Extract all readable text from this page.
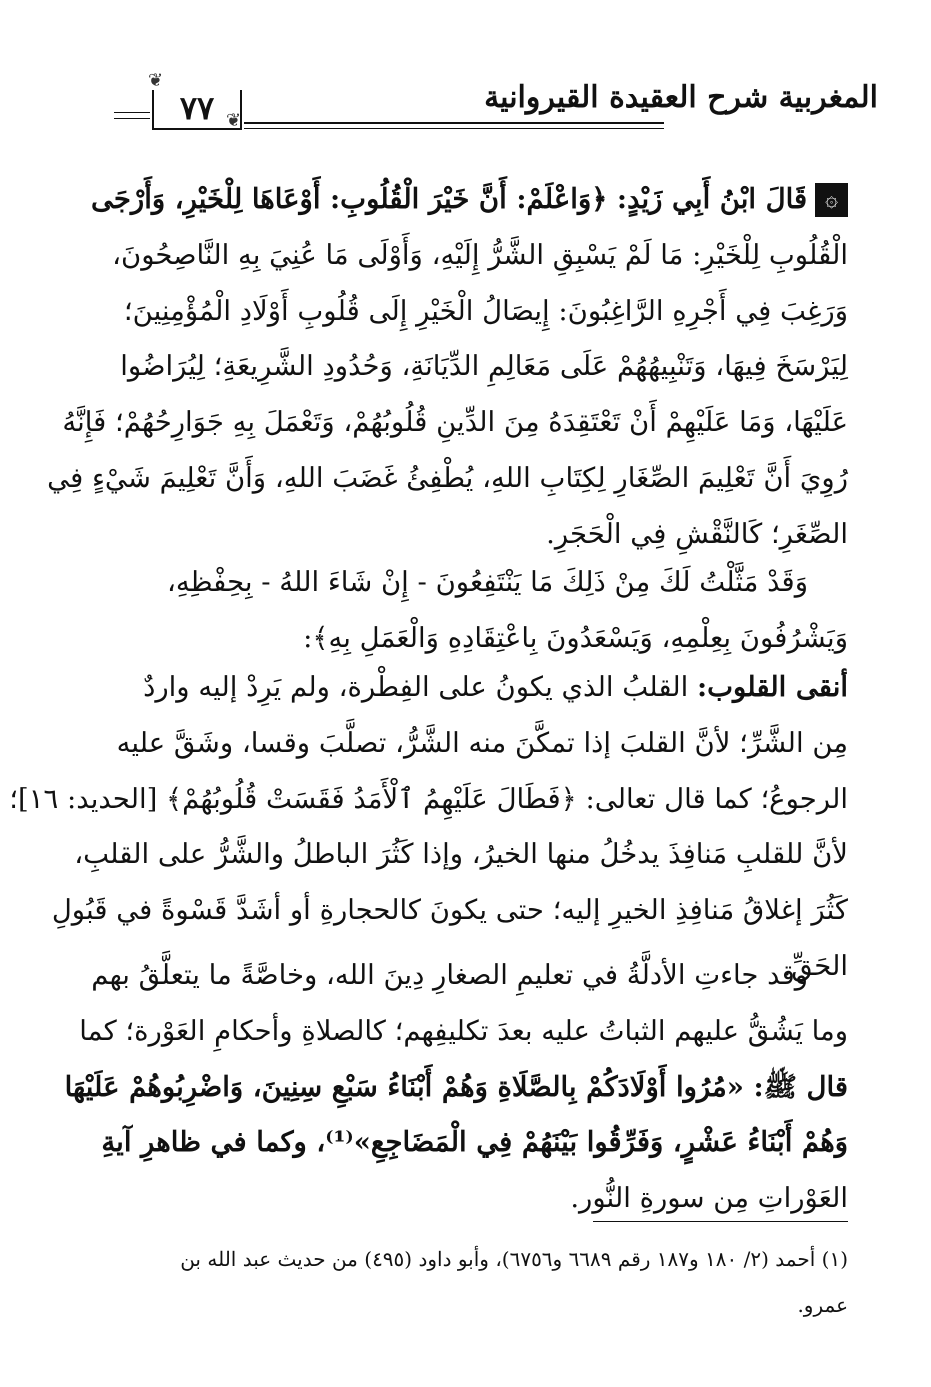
المغربية شرح العقيدة القيروانية
❦
❦
٧٧
۞قَالَ ابْنُ أَبِي زَيْدٍ: ﴿وَاعْلَمْ: أَنَّ خَيْرَ الْقُلُوبِ: أَوْعَاهَا لِلْخَيْرِ، وَأَرْجَى
الْقُلُوبِ لِلْخَيْرِ: مَا لَمْ يَسْبِقِ الشَّرُّ إِلَيْهِ، وَأَوْلَى مَا عُنِيَ بِهِ النَّاصِحُونَ،
وَرَغِبَ فِي أَجْرِهِ الرَّاغِبُونَ: إِيصَالُ الْخَيْرِ إِلَى قُلُوبِ أَوْلَادِ الْمُؤْمِنِينَ؛
لِيَرْسَخَ فِيهَا، وَتَنْبِيهُهُمْ عَلَى مَعَالِمِ الدِّيَانَةِ، وَحُدُودِ الشَّرِيعَةِ؛ لِيُرَاضُوا
عَلَيْهَا، وَمَا عَلَيْهِمْ أَنْ تَعْتَقِدَهُ مِنَ الدِّينِ قُلُوبُهُمْ، وَتَعْمَلَ بِهِ جَوَارِحُهُمْ؛ فَإِنَّهُ
رُوِيَ أَنَّ تَعْلِيمَ الصِّغَارِ لِكِتَابِ اللهِ، يُطْفِئُ غَضَبَ اللهِ، وَأَنَّ تَعْلِيمَ شَيْءٍ فِي
الصِّغَرِ؛ كَالنَّقْشِ فِي الْحَجَرِ.
وَقَدْ مَثَّلْتُ لَكَ مِنْ ذَلِكَ مَا يَنْتَفِعُونَ - إِنْ شَاءَ اللهُ - بِحِفْظِهِ،
وَيَشْرُفُونَ بِعِلْمِهِ، وَيَسْعَدُونَ بِاعْتِقَادِهِ وَالْعَمَلِ بِهِ﴾:
أنقى القلوب: القلبُ الذي يكونُ على الفِطْرة، ولم يَرِدْ إليه واردٌ
مِن الشَّرِّ؛ لأنَّ القلبَ إذا تمكَّنَ منه الشَّرُّ، تصلَّبَ وقسا، وشَقَّ عليه
الرجوعُ؛ كما قال تعالى: ﴿فَطَالَ عَلَيْهِمُ ٱلْأَمَدُ فَقَسَتْ قُلُوبُهُمْ﴾ [الحديد: ١٦]؛
لأنَّ للقلبِ مَنافِذَ يدخُلُ منها الخيرُ، وإذا كَثُرَ الباطلُ والشَّرُّ على القلبِ،
كَثُرَ إغلاقُ مَنافِذِ الخيرِ إليه؛ حتى يكونَ كالحجارةِ أو أشَدَّ قَسْوةً في قَبُولِ
الحَقِّ.
وقد جاءتِ الأدلَّةُ في تعليمِ الصغارِ دِينَ الله، وخاصَّةً ما يتعلَّقُ بهم
وما يَشُقُّ عليهم الثباتُ عليه بعدَ تكليفِهم؛ كالصلاةِ وأحكامِ العَوْرة؛ كما
قال ﷺ: «مُرُوا أَوْلَادَكُمْ بِالصَّلَاةِ وَهُمْ أَبْنَاءُ سَبْعِ سِنِينَ، وَاضْرِبُوهُمْ عَلَيْهَا
وَهُمْ أَبْنَاءُ عَشْرٍ، وَفَرِّقُوا بَيْنَهُمْ فِي الْمَضَاجِعِ»⁽¹⁾، وكما في ظاهرِ آيةِ
العَوْراتِ مِن سورةِ النُّور.
(١) أحمد (٢/ ١٨٠ و١٨٧ رقم ٦٦٨٩ و٦٧٥٦)، وأبو داود (٤٩٥) من حديث عبد الله بن
عمرو.
